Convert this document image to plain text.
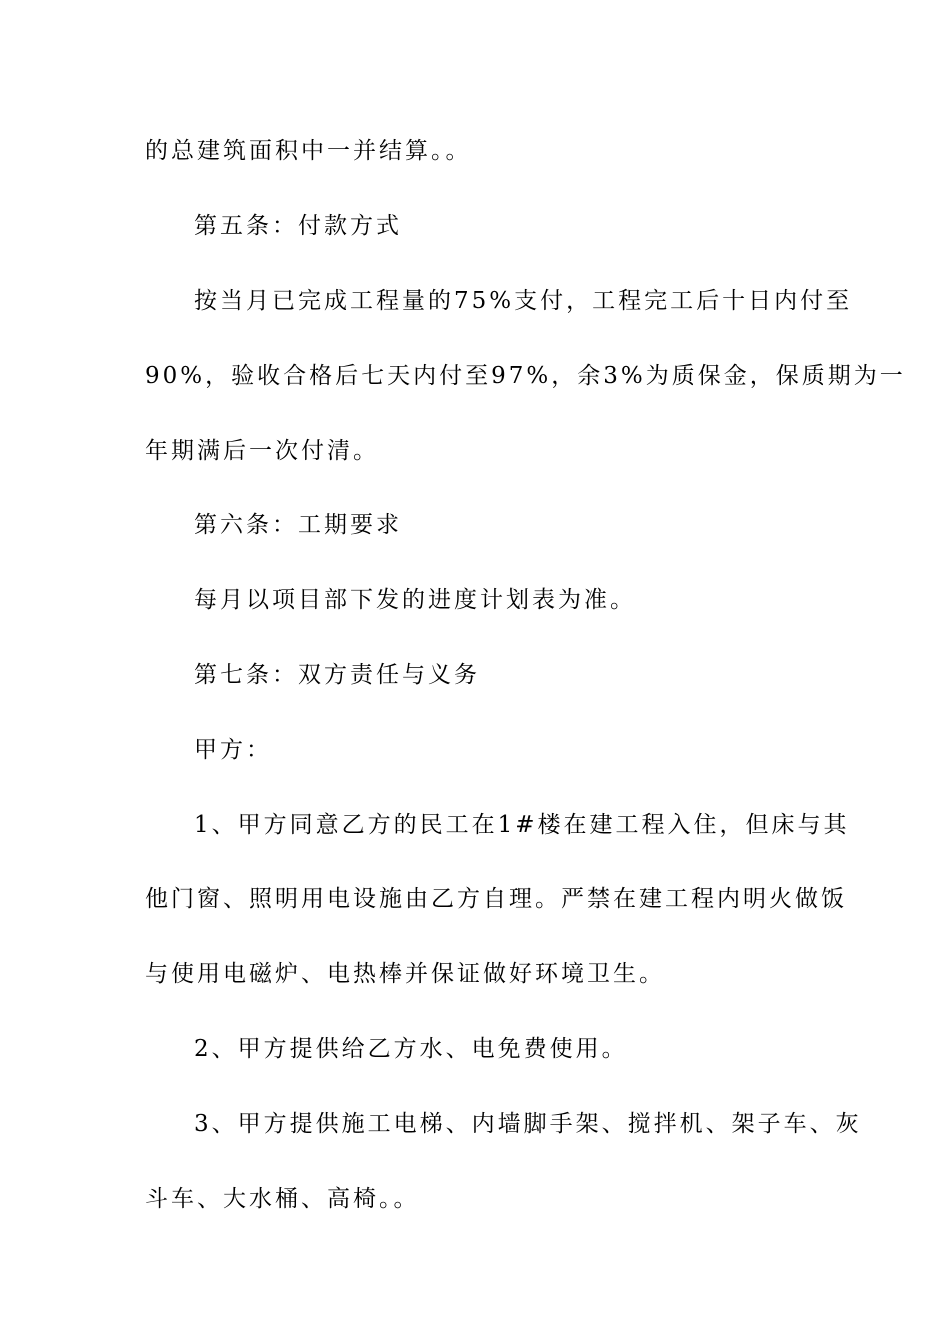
的总建筑面积中一并结算。。
第五条：付款方式
按当月已完成工程量的75%支付，工程完工后十日内付至
90%，验收合格后七天内付至97%，余3%为质保金，保质期为一
年期满后一次付清。
第六条：工期要求
每月以项目部下发的进度计划表为准。
第七条：双方责任与义务
甲方：
1、甲方同意乙方的民工在1#楼在建工程入住，但床与其
他门窗、照明用电设施由乙方自理。严禁在建工程内明火做饭
与使用电磁炉、电热棒并保证做好环境卫生。
2、甲方提供给乙方水、电免费使用。
3、甲方提供施工电梯、内墙脚手架、搅拌机、架子车、灰
斗车、大水桶、高椅。。
